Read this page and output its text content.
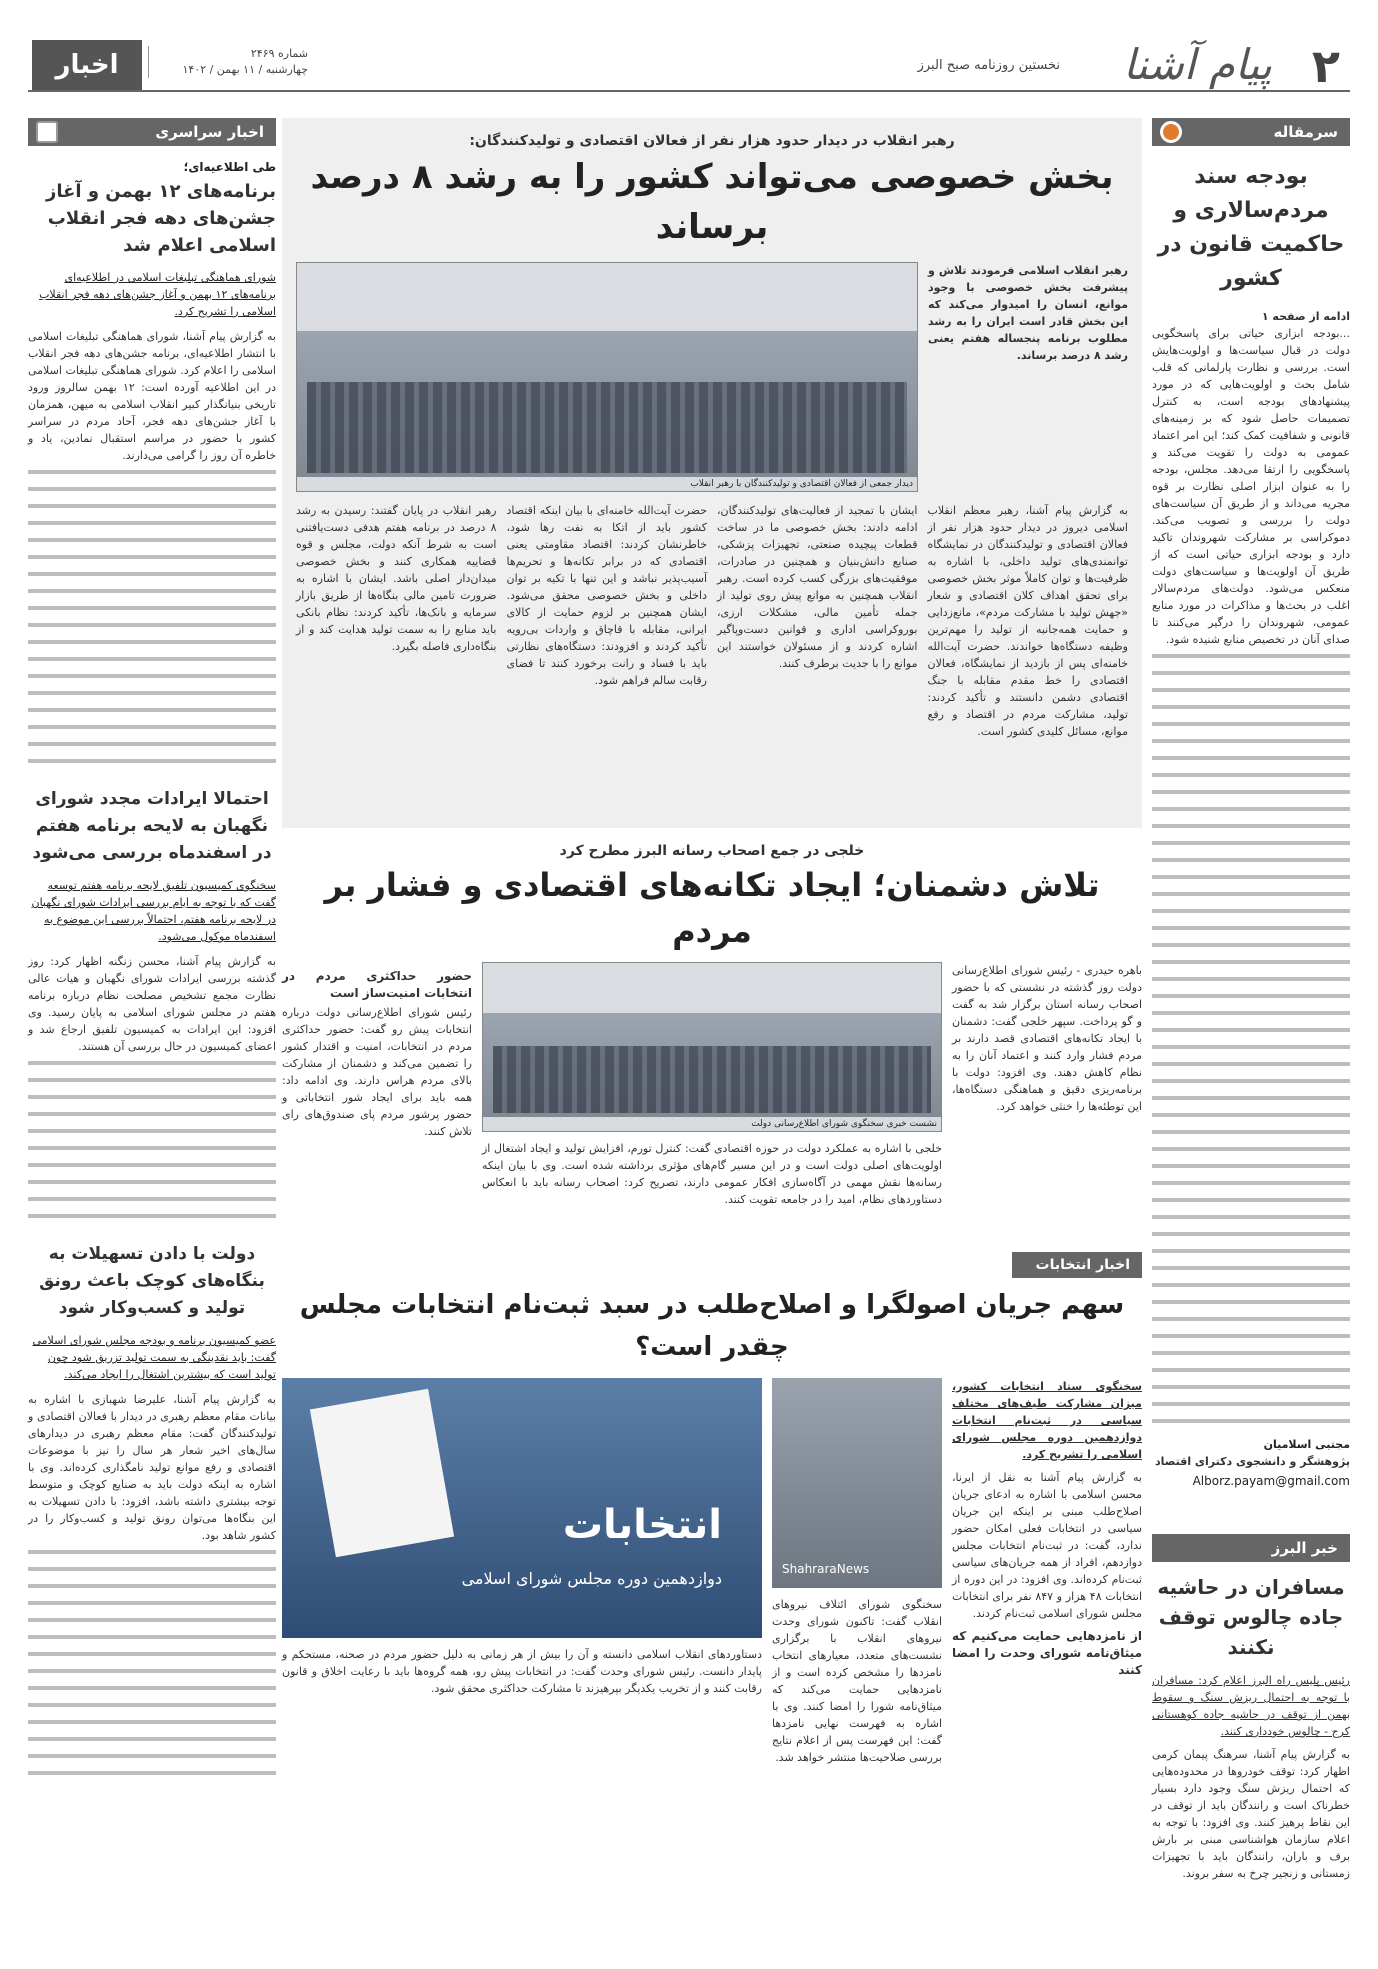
۲
پیام آشنا
نخستین روزنامه صبح البرز
شماره ۲۴۶۹
چهارشنبه / ۱۱ بهمن / ۱۴۰۲
اخبار
سرمقاله
بودجه سند مردم‌سالاری و حاکمیت قانون در کشور
ادامه از صفحه ۱
...بودجه ابزاری حیاتی برای پاسخگویی دولت در قبال سیاست‌ها و اولویت‌هایش است. بررسی و نظارت پارلمانی که قلب شامل بحث و اولویت‌هایی که در مورد پیشنهادهای بودجه است، به کنترل تصمیمات حاصل شود که بر زمینه‌های قانونی و شفافیت کمک کند؛ این امر اعتماد عمومی به دولت را تقویت می‌کند و پاسخگویی را ارتقا می‌دهد. مجلس، بودجه را به عنوان ابزار اصلی نظارت بر قوه مجریه می‌داند و از طریق آن سیاست‌های دولت را بررسی و تصویب می‌کند. دموکراسی بر مشارکت شهروندان تاکید دارد و بودجه ابزاری حیاتی است که از طریق آن اولویت‌ها و سیاست‌های دولت منعکس می‌شود. دولت‌های مردم‌سالار اغلب در بحث‌ها و مذاکرات در مورد منابع عمومی، شهروندان را درگیر می‌کنند تا صدای آنان در تخصیص منابع شنیده شود.
مجتبی اسلامیان
پژوهشگر و دانشجوی دکترای اقتصاد
Alborz.payam@gmail.com
خبر البرز
مسافران در حاشیه جاده چالوس توقف نکنند
رئیس پلیس راه البرز اعلام کرد: مسافران با توجه به احتمال ریزش سنگ و سقوط بهمن از توقف در حاشیه جاده کوهستانی کرج - چالوس خودداری کنند.
به گزارش پیام آشنا، سرهنگ پیمان کرمی اظهار کرد: توقف خودروها در محدوده‌هایی که احتمال ریزش سنگ وجود دارد بسیار خطرناک است و رانندگان باید از توقف در این نقاط پرهیز کنند. وی افزود: با توجه به اعلام سازمان هواشناسی مبنی بر بارش برف و باران، رانندگان باید با تجهیزات زمستانی و زنجیر چرخ به سفر بروند.
اخبار سراسری
طی اطلاعیه‌ای؛
برنامه‌های ۱۲ بهمن و آغاز جشن‌های دهه فجر انقلاب اسلامی اعلام شد
شورای هماهنگی تبلیغات اسلامی در اطلاعیه‌ای برنامه‌های ۱۲ بهمن و آغاز جشن‌های دهه فجر انقلاب اسلامی را تشریح کرد.
به گزارش پیام آشنا، شورای هماهنگی تبلیغات اسلامی با انتشار اطلاعیه‌ای، برنامه جشن‌های دهه فجر انقلاب اسلامی را اعلام کرد. شورای هماهنگی تبلیغات اسلامی در این اطلاعیه آورده است: ۱۲ بهمن سالروز ورود تاریخی بنیانگذار کبیر انقلاب اسلامی به میهن، همزمان با آغاز جشن‌های دهه فجر، آحاد مردم در سراسر کشور با حضور در مراسم استقبال نمادین، یاد و خاطره آن روز را گرامی می‌دارند.
احتمالا ایرادات مجدد شورای نگهبان به لایحه برنامه هفتم در اسفندماه بررسی می‌شود
سخنگوی کمیسیون تلفیق لایحه برنامه هفتم توسعه گفت که با توجه به ایام بررسی ایرادات شورای نگهبان در لایحه برنامه هفتم، احتمالاً بررسی این موضوع به اسفندماه موکول می‌شود.
به گزارش پیام آشنا، محسن زنگنه اظهار کرد: روز گذشته بررسی ایرادات شورای نگهبان و هیات عالی نظارت مجمع تشخیص مصلحت نظام درباره برنامه هفتم در مجلس شورای اسلامی به پایان رسید. وی افزود: این ایرادات به کمیسیون تلفیق ارجاع شد و اعضای کمیسیون در حال بررسی آن هستند.
دولت با دادن تسهیلات به بنگاه‌های کوچک باعث رونق تولید و کسب‌وکار شود
عضو کمیسیون برنامه و بودجه مجلس شورای اسلامی گفت: باید نقدینگی به سمت تولید تزریق شود چون تولید است که بیشترین اشتغال را ایجاد می‌کند.
به گزارش پیام آشنا، علیرضا شهبازی با اشاره به بیانات مقام معظم رهبری در دیدار با فعالان اقتصادی و تولیدکنندگان گفت: مقام معظم رهبری در دیدارهای سال‌های اخیر شعار هر سال را نیز با موضوعات اقتصادی و رفع موانع تولید نامگذاری کرده‌اند. وی با اشاره به اینکه دولت باید به صنایع کوچک و متوسط توجه بیشتری داشته باشد، افزود: با دادن تسهیلات به این بنگاه‌ها می‌توان رونق تولید و کسب‌وکار را در کشور شاهد بود.
رهبر انقلاب در دیدار حدود هزار نفر از فعالان اقتصادی و تولیدکنندگان:
بخش خصوصی می‌تواند کشور را به رشد ۸ درصد برساند
رهبر انقلاب اسلامی فرمودند تلاش و پیشرفت بخش خصوصی با وجود موانع، انسان را امیدوار می‌کند که این بخش قادر است ایران را به رشد مطلوب برنامه پنجساله هفتم یعنی رشد ۸ درصد برساند.
دیدار جمعی از فعالان اقتصادی و تولیدکنندگان با رهبر انقلاب
به گزارش پیام آشنا، رهبر معظم انقلاب اسلامی دیروز در دیدار حدود هزار نفر از فعالان اقتصادی و تولیدکنندگان در نمایشگاه توانمندی‌های تولید داخلی، با اشاره به ظرفیت‌ها و توان کاملاً موثر بخش خصوصی برای تحقق اهداف کلان اقتصادی و شعار «جهش تولید با مشارکت مردم»، مانع‌زدایی و حمایت همه‌جانبه از تولید را مهم‌ترین وظیفه دستگاه‌ها خواندند. حضرت آیت‌الله خامنه‌ای پس از بازدید از نمایشگاه، فعالان اقتصادی را خط مقدم مقابله با جنگ اقتصادی دشمن دانستند و تأکید کردند: تولید، مشارکت مردم در اقتصاد و رفع موانع، مسائل کلیدی کشور است.
ایشان با تمجید از فعالیت‌های تولیدکنندگان، ادامه دادند: بخش خصوصی ما در ساخت قطعات پیچیده صنعتی، تجهیزات پزشکی، صنایع دانش‌بنیان و همچنین در صادرات، موفقیت‌های بزرگی کسب کرده است. رهبر انقلاب همچنین به موانع پیش روی تولید از جمله تأمین مالی، مشکلات ارزی، بوروکراسی اداری و قوانین دست‌وپاگیر اشاره کردند و از مسئولان خواستند این موانع را با جدیت برطرف کنند.
حضرت آیت‌الله خامنه‌ای با بیان اینکه اقتصاد کشور باید از اتکا به نفت رها شود، خاطرنشان کردند: اقتصاد مقاومتی یعنی اقتصادی که در برابر تکانه‌ها و تحریم‌ها آسیب‌پذیر نباشد و این تنها با تکیه بر توان داخلی و بخش خصوصی محقق می‌شود. ایشان همچنین بر لزوم حمایت از کالای ایرانی، مقابله با قاچاق و واردات بی‌رویه تأکید کردند و افزودند: دستگاه‌های نظارتی باید با فساد و رانت برخورد کنند تا فضای رقابت سالم فراهم شود.
رهبر انقلاب در پایان گفتند: رسیدن به رشد ۸ درصد در برنامه هفتم هدفی دست‌یافتنی است به شرط آنکه دولت، مجلس و قوه قضاییه همکاری کنند و بخش خصوصی میدان‌دار اصلی باشد. ایشان با اشاره به ضرورت تامین مالی بنگاه‌ها از طریق بازار سرمایه و بانک‌ها، تأکید کردند: نظام بانکی باید منابع را به سمت تولید هدایت کند و از بنگاه‌داری فاصله بگیرد.
خلجی در جمع اصحاب رسانه البرز مطرح کرد
تلاش دشمنان؛ ایجاد تکانه‌های اقتصادی و فشار بر مردم
باهره حیدری - رئیس شورای اطلاع‌رسانی دولت روز گذشته در نشستی که با حضور اصحاب رسانه استان برگزار شد به گفت و گو پرداخت. سپهر خلجی گفت: دشمنان با ایجاد تکانه‌های اقتصادی قصد دارند بر مردم فشار وارد کنند و اعتماد آنان را به نظام کاهش دهند. وی افزود: دولت با برنامه‌ریزی دقیق و هماهنگی دستگاه‌ها، این توطئه‌ها را خنثی خواهد کرد.
نشست خبری سخنگوی شورای اطلاع‌رسانی دولت
خلجی با اشاره به عملکرد دولت در حوزه اقتصادی گفت: کنترل تورم، افزایش تولید و ایجاد اشتغال از اولویت‌های اصلی دولت است و در این مسیر گام‌های مؤثری برداشته شده است. وی با بیان اینکه رسانه‌ها نقش مهمی در آگاه‌سازی افکار عمومی دارند، تصریح کرد: اصحاب رسانه باید با انعکاس دستاوردهای نظام، امید را در جامعه تقویت کنند.
حضور حداکثری مردم در انتخابات امنیت‌ساز است
رئیس شورای اطلاع‌رسانی دولت درباره انتخابات پیش رو گفت: حضور حداکثری مردم در انتخابات، امنیت و اقتدار کشور را تضمین می‌کند و دشمنان از مشارکت بالای مردم هراس دارند. وی ادامه داد: همه باید برای ایجاد شور انتخاباتی و حضور پرشور مردم پای صندوق‌های رای تلاش کنند.
اخبار انتخابات
سهم جریان اصولگرا و اصلاح‌طلب در سبد ثبت‌نام انتخابات مجلس چقدر است؟
سخنگوی ستاد انتخابات کشور، میزان مشارکت طیف‌های مختلف سیاسی در ثبت‌نام انتخابات دوازدهمین دوره مجلس شورای اسلامی را تشریح کرد.
به گزارش پیام آشنا به نقل از ایرنا، محسن اسلامی با اشاره به ادعای جریان اصلاح‌طلب مبنی بر اینکه این جریان سیاسی در انتخابات فعلی امکان حضور ندارد، گفت: در ثبت‌نام انتخابات مجلس دوازدهم، افراد از همه جریان‌های سیاسی ثبت‌نام کرده‌اند. وی افزود: در این دوره از انتخابات ۴۸ هزار و ۸۴۷ نفر برای انتخابات مجلس شورای اسلامی ثبت‌نام کردند.
از نامزدهایی حمایت می‌کنیم که میثاق‌نامه شورای وحدت را امضا کنند
ShahraraNews
سخنگوی شورای ائتلاف نیروهای انقلاب گفت: تاکنون شورای وحدت نیروهای انقلاب با برگزاری نشست‌های متعدد، معیارهای انتخاب نامزدها را مشخص کرده است و از نامزدهایی حمایت می‌کند که میثاق‌نامه شورا را امضا کنند. وی با اشاره به فهرست نهایی نامزدها گفت: این فهرست پس از اعلام نتایج بررسی صلاحیت‌ها منتشر خواهد شد.
انتخابات
دوازدهمین دوره مجلس شورای اسلامی
دستاوردهای انقلاب اسلامی دانسته و آن را بیش از هر زمانی به دلیل حضور مردم در صحنه، مستحکم و پایدار دانست. رئیس شورای وحدت گفت: در انتخابات پیش رو، همه گروه‌ها باید با رعایت اخلاق و قانون رقابت کنند و از تخریب یکدیگر بپرهیزند تا مشارکت حداکثری محقق شود.
